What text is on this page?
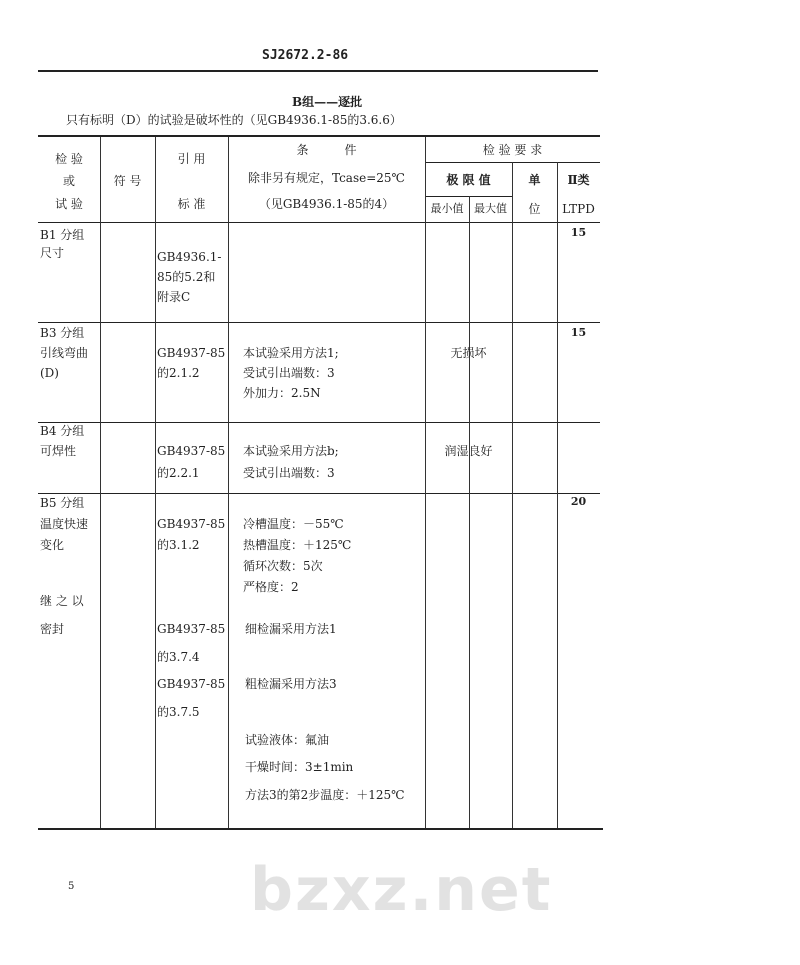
bzxz.net
SJ2672.2-86
B组——逐批
只有标明（D）的试验是破坏性的（见GB4936.1-85的3.6.6）
检 验
或
试 验
符 号
引 用
标 准
条　　　件
除非另有规定，Tcase=25℃
（见GB4936.1-85的4）
检 验 要 求
极 限 值
最小值 最大值
单
位
Ⅱ类
LTPD
B1 分组
尺寸	GB4936.1-
85的5.2和
附录C
15
B3 分组
引线弯曲
(D)
GB4937-85
的2.1.2
本试验采用方法1;
受试引出端数：3
外加力：2.5N
无损坏
15
B4 分组
可焊性	GB4937-85
的2.2.1
本试验采用方法b;
受试引出端数：3
润湿良好
B5 分组
温度快速
变化
继 之 以
密封
GB4937-85
的3.1.2
GB4937-85
的3.7.4
GB4937-85
的3.7.5
冷槽温度：－55℃
热槽温度：＋125℃
循环次数：5次
严格度：2
细检漏采用方法1
粗检漏采用方法3
试验液体：氟油
干燥时间：3±1min
方法3的第2步温度：＋125℃
20
5
